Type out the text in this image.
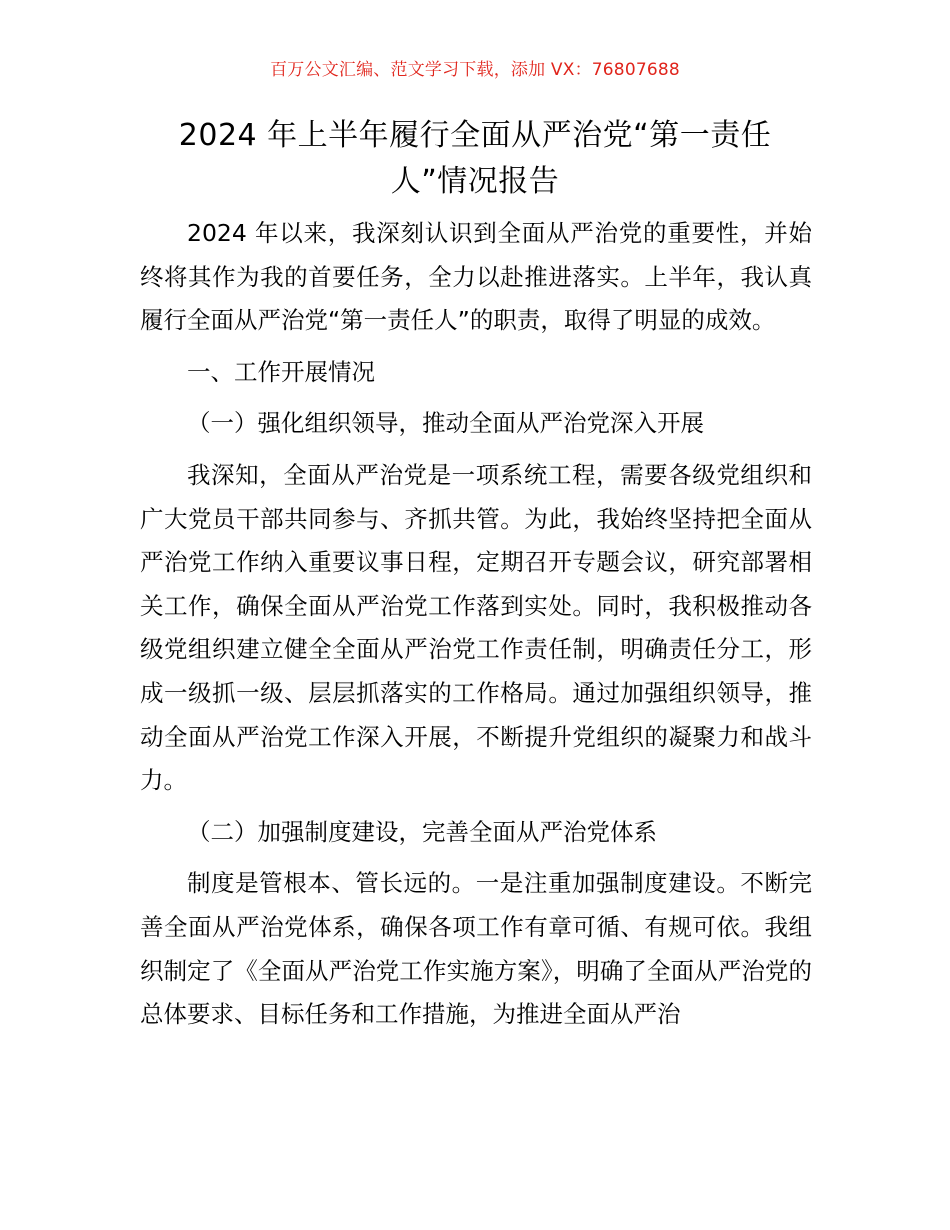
百万公文汇编、范文学习下载，添加 VX：76807688
2024 年上半年履行全面从严治党“第一责任人”情况报告

2024 年以来，我深刻认识到全面从严治党的重要性，并始终将其作为我的首要任务，全力以赴推进落实。上半年，我认真履行全面从严治党“第一责任人”的职责，取得了明显的成效。

一、工作开展情况

（一）强化组织领导，推动全面从严治党深入开展

我深知，全面从严治党是一项系统工程，需要各级党组织和广大党员干部共同参与、齐抓共管。为此，我始终坚持把全面从严治党工作纳入重要议事日程，定期召开专题会议，研究部署相关工作，确保全面从严治党工作落到实处。同时，我积极推动各级党组织建立健全全面从严治党工作责任制，明确责任分工，形成一级抓一级、层层抓落实的工作格局。通过加强组织领导，推动全面从严治党工作深入开展，不断提升党组织的凝聚力和战斗力。

（二）加强制度建设，完善全面从严治党体系

制度是管根本、管长远的。一是注重加强制度建设。不断完善全面从严治党体系，确保各项工作有章可循、有规可依。我组织制定了《全面从严治党工作实施方案》，明确了全面从严治党的总体要求、目标任务和工作措施，为推进全面从严治
